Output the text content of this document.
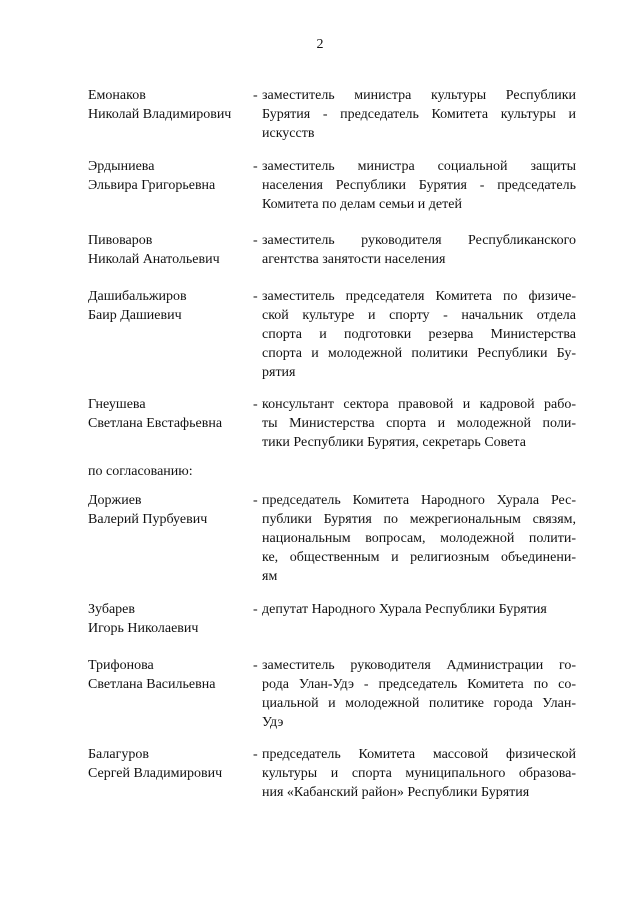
2
Емонаков
Николай Владимирович
- заместитель министра культуры Республики
Бурятия - председатель Комитета культуры и
искусств
Эрдыниева
Эльвира Григорьевна
- заместитель министра социальной защиты
населения Республики Бурятия - председатель
Комитета по делам семьи и детей
Пивоваров
Николай Анатольевич
- заместитель руководителя Республиканского
агентства занятости населения
Дашибальжиров
Баир Дашиевич
- заместитель председателя Комитета по физиче-
ской культуре и спорту - начальник отдела
спорта и подготовки резерва Министерства
спорта и молодежной политики Республики Бу-
рятия
Гнеушева
Светлана Евстафьевна
- консультант сектора правовой и кадровой рабо-
ты Министерства спорта и молодежной поли-
тики Республики Бурятия, секретарь Совета
по согласованию:
Доржиев
Валерий Пурбуевич
- председатель Комитета Народного Хурала Рес-
публики Бурятия по межрегиональным связям,
национальным вопросам, молодежной полити-
ке, общественным и религиозным объединени-
ям
Зубарев
Игорь Николаевич
- депутат Народного Хурала Республики Бурятия
Трифонова
Светлана Васильевна
- заместитель руководителя Администрации го-
рода Улан-Удэ - председатель Комитета по со-
циальной и молодежной политике города Улан-
Удэ
Балагуров
Сергей Владимирович
- председатель Комитета массовой физической
культуры и спорта муниципального образова-
ния «Кабанский район» Республики Бурятия
